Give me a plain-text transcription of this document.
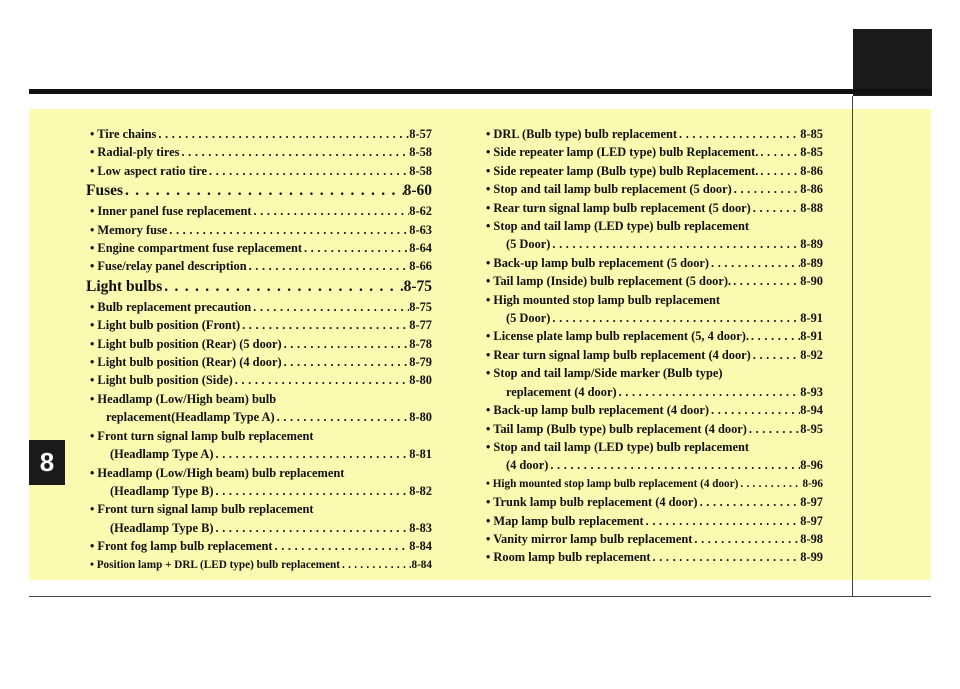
8
• Tire chains . . .	8-57
• Radial-ply tires . . .	8-58
• Low aspect ratio tire . . .	8-58
Fuses . . .	8-60
• Inner panel fuse replacement . . .	8-62
• Memory fuse . . .	8-63
• Engine compartment fuse replacement . . .	8-64
• Fuse/relay panel description . . .	8-66
Light bulbs . . .	8-75
• Bulb replacement precaution . . .	8-75
• Light bulb position (Front) . . .	8-77
• Light bulb position (Rear) (5 door) . . .	8-78
• Light bulb position (Rear) (4 door) . . .	8-79
• Light bulb position (Side) . . .	8-80
• Headlamp (Low/High beam) bulb
replacement(Headlamp Type A) . . .	8-80
• Front turn signal lamp bulb replacement
(Headlamp Type A) . . .	8-81
• Headlamp (Low/High beam) bulb replacement
(Headlamp Type B) . . .	8-82
• Front turn signal lamp bulb replacement
(Headlamp Type B) . . .	8-83
• Front fog lamp bulb replacement . . .	8-84
• Position lamp + DRL (LED type) bulb replacement . . .	8-84
• DRL (Bulb type) bulb replacement . . .	8-85
• Side repeater lamp (LED type) bulb Replacement. . . .	8-85
• Side repeater lamp (Bulb type) bulb Replacement. . . .	8-86
• Stop and tail lamp bulb replacement (5 door) . . .	8-86
• Rear turn signal lamp bulb replacement (5 door) . . .	8-88
• Stop and tail lamp (LED type) bulb replacement
(5 Door) . . .	8-89
• Back-up lamp bulb replacement (5 door) . . .	8-89
• Tail lamp (Inside) bulb replacement (5 door). . . .	8-90
• High mounted stop lamp bulb replacement
(5 Door) . . .	8-91
• License plate lamp bulb replacement (5, 4 door). . . .	8-91
• Rear turn signal lamp bulb replacement (4 door) . . .	8-92
• Stop and tail lamp/Side marker (Bulb type)
replacement (4 door) . . .	8-93
• Back-up lamp bulb replacement (4 door) . . .	8-94
• Tail lamp (Bulb type) bulb replacement (4 door) . . .	8-95
• Stop and tail lamp (LED type) bulb replacement
(4 door) . . .	8-96
• High mounted stop lamp bulb replacement (4 door) . . .	8-96
• Trunk lamp bulb replacement (4 door) . . .	8-97
• Map lamp bulb replacement . . .	8-97
• Vanity mirror lamp bulb replacement . . .	8-98
• Room lamp bulb replacement . . .	8-99
